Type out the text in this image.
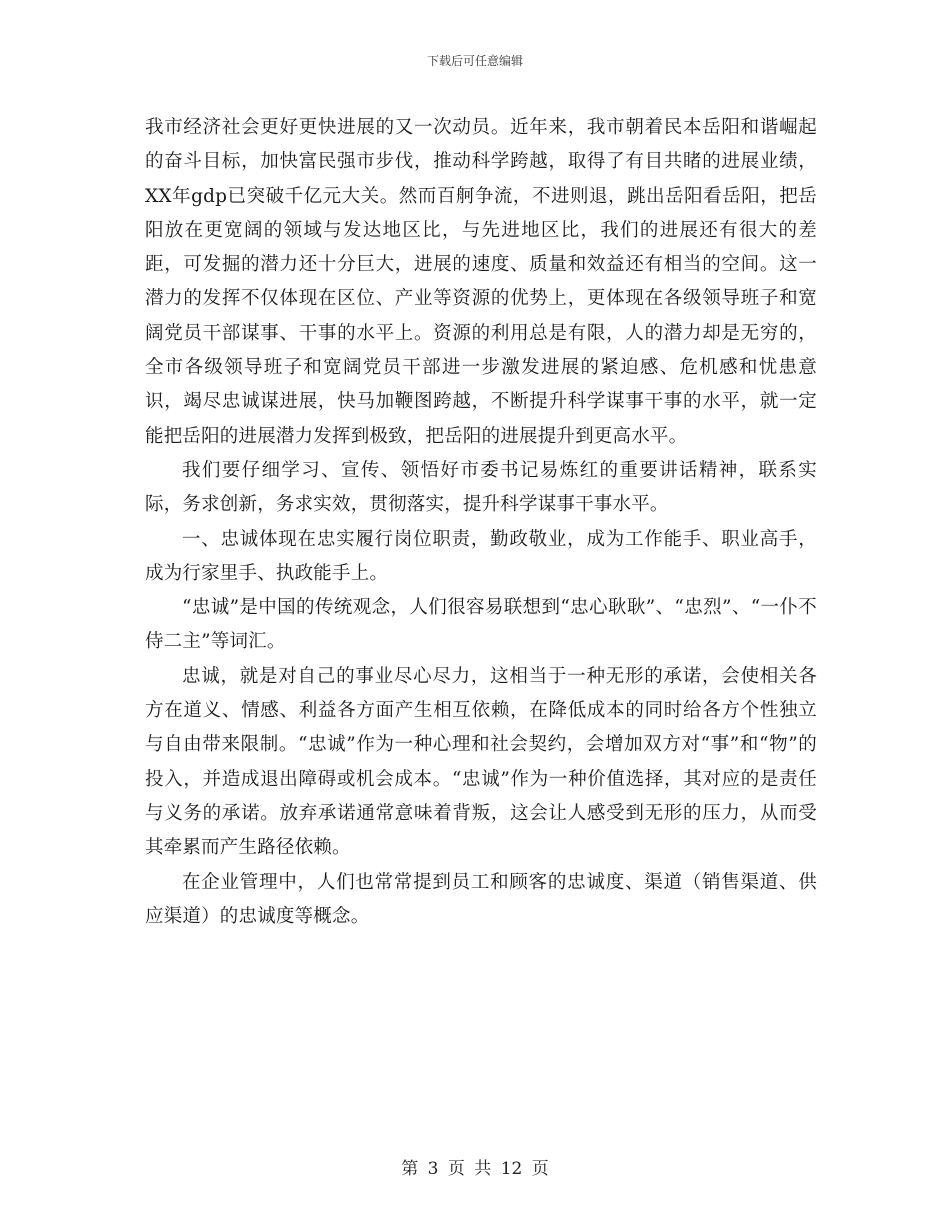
下载后可任意编辑

我市经济社会更好更快进展的又一次动员。近年来，我市朝着民本岳阳和谐崛起的奋斗目标，加快富民强市步伐，推动科学跨越，取得了有目共睹的进展业绩，XX年gdp已突破千亿元大关。然而百舸争流，不进则退，跳出岳阳看岳阳，把岳阳放在更宽阔的领域与发达地区比，与先进地区比，我们的进展还有很大的差距，可发掘的潜力还十分巨大，进展的速度、质量和效益还有相当的空间。这一潜力的发挥不仅体现在区位、产业等资源的优势上，更体现在各级领导班子和宽阔党员干部谋事、干事的水平上。资源的利用总是有限，人的潜力却是无穷的，全市各级领导班子和宽阔党员干部进一步激发进展的紧迫感、危机感和忧患意识，竭尽忠诚谋进展，快马加鞭图跨越，不断提升科学谋事干事的水平，就一定能把岳阳的进展潜力发挥到极致，把岳阳的进展提升到更高水平。

我们要仔细学习、宣传、领悟好市委书记易炼红的重要讲话精神，联系实际，务求创新，务求实效，贯彻落实，提升科学谋事干事水平。

一、忠诚体现在忠实履行岗位职责，勤政敬业，成为工作能手、职业高手，成为行家里手、执政能手上。

“忠诚”是中国的传统观念，人们很容易联想到“忠心耿耿”、“忠烈”、“一仆不侍二主”等词汇。

忠诚，就是对自己的事业尽心尽力，这相当于一种无形的承诺，会使相关各方在道义、情感、利益各方面产生相互依赖，在降低成本的同时给各方个性独立与自由带来限制。“忠诚”作为一种心理和社会契约，会增加双方对“事”和“物”的投入，并造成退出障碍或机会成本。“忠诚”作为一种价值选择，其对应的是责任与义务的承诺。放弃承诺通常意味着背叛，这会让人感受到无形的压力，从而受其牵累而产生路径依赖。

在企业管理中，人们也常常提到员工和顾客的忠诚度、渠道（销售渠道、供应渠道）的忠诚度等概念。

第 3 页 共 12 页
